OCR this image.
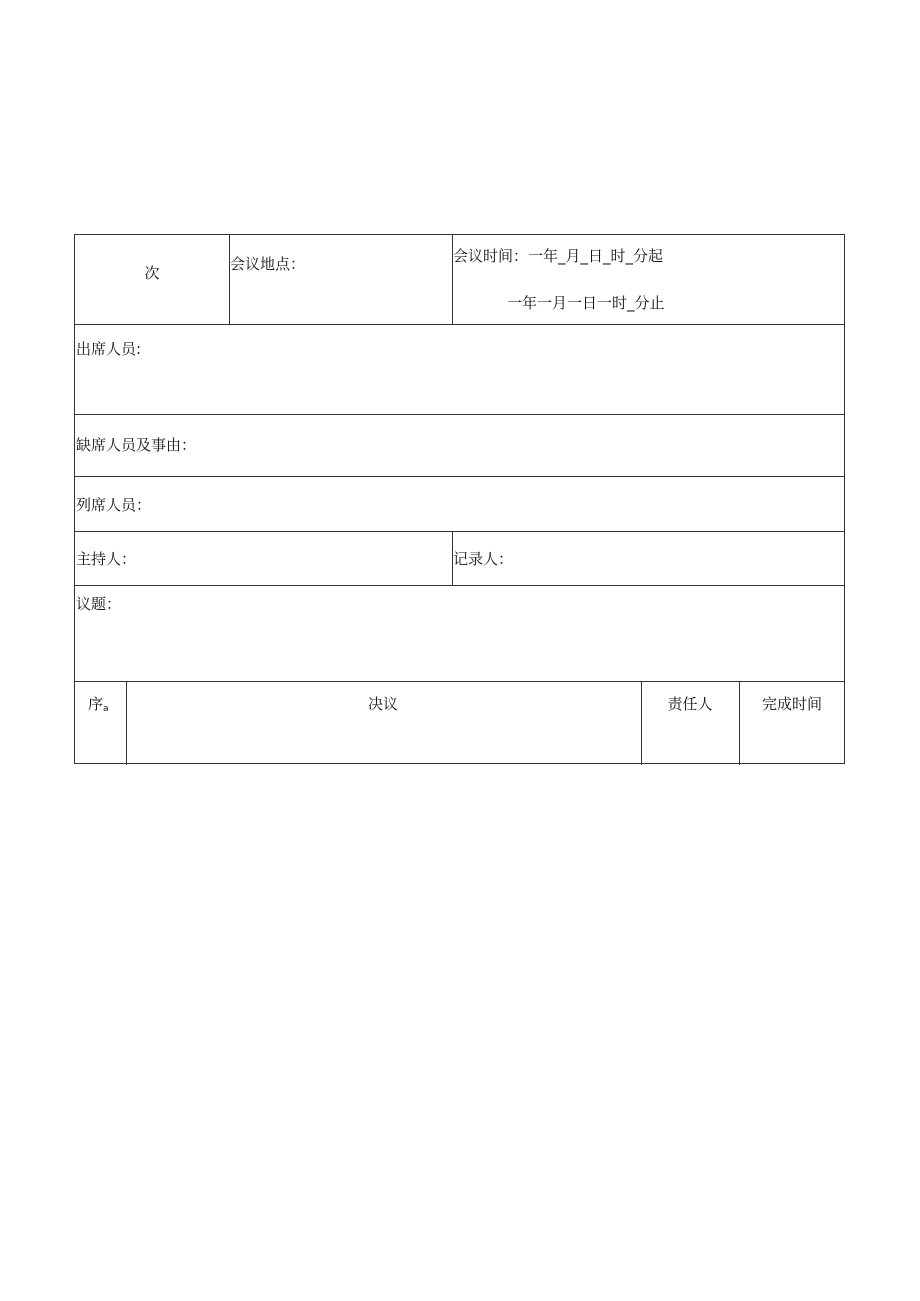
次	会议地点：	会议时间：一年_月_日_时_分起
一年一月一日一时_分止
出席人员:
缺席人员及事由：
列席人员：
主持人：	记录人：
议题：
序$_a$	决议	责任人	完成时间
